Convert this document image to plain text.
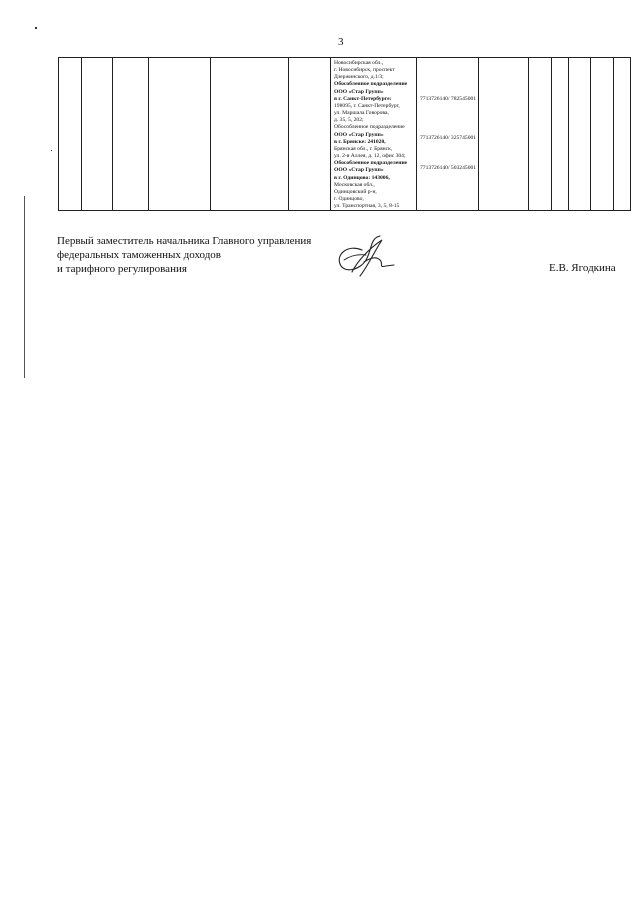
3

Новосибирская обл.,
г. Новосибирск, проспект
Дзержинского, д.1/3;
Обособленное подразделение
ООО «Стар Групп»
в г. Санкт-Петербурге:
198095, г. Санкт-Петербург,
ул. Маршала Говорова,
д. 35, 5, 202;
Обособленное подразделение
ООО «Стар Групп»
в г. Брянске: 241020,
Брянская обл., г. Брянск,
ул. 2-я Аллея, д. 12, офис 304;
Обособленное подразделение
ООО «Стар Групп»
в г. Одинцово: 143006,
Московская обл.,
Одинцовский р-н,
г. Одинцово,
ул. Транспортная, 3, 5, 8-15

7713726140/ 782545001
7713726140/ 325745001
7713726140/ 503245001

Первый заместитель начальника Главного управления
федеральных таможенных доходов
и тарифного регулирования	Е.В. Ягодкина
